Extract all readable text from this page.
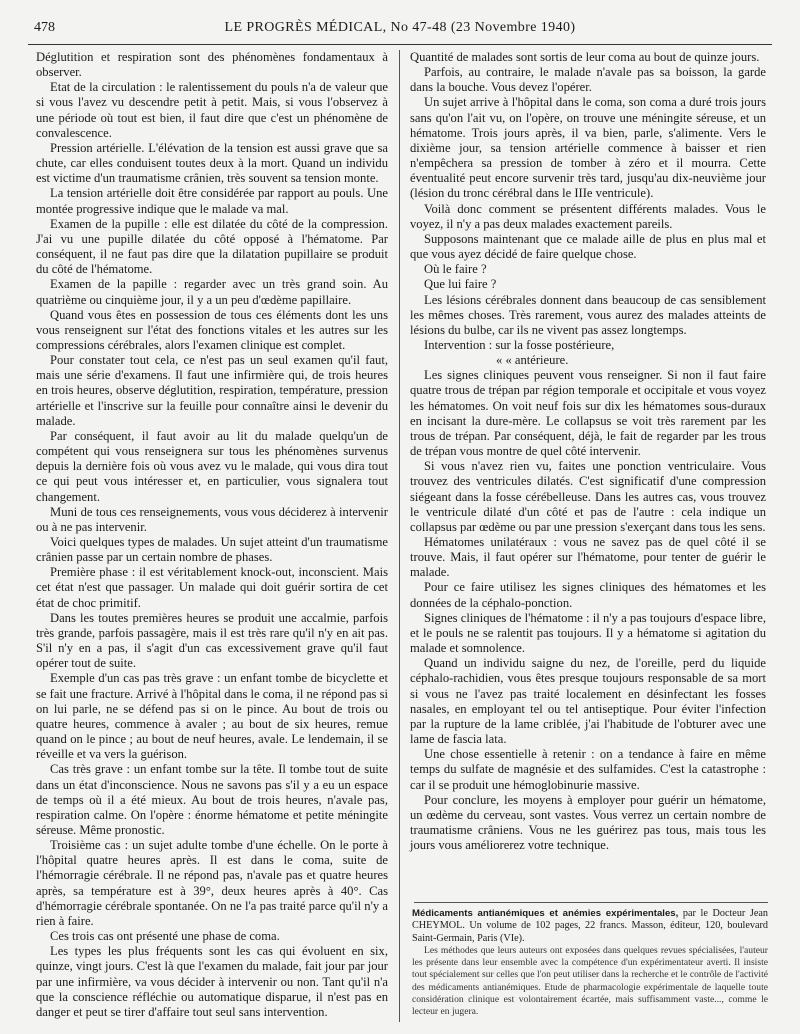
478	LE PROGRÈS MÉDICAL, No 47-48 (23 Novembre 1940)

Déglutition et respiration sont des phénomènes fondamentaux à observer.

Etat de la circulation : le ralentissement du pouls n'a de valeur que si vous l'avez vu descendre petit à petit. Mais, si vous l'observez à une période où tout est bien, il faut dire que c'est un phénomène de convalescence.

Pression artérielle. L'élévation de la tension est aussi grave que sa chute, car elles conduisent toutes deux à la mort. Quand un individu est victime d'un traumatisme crânien, très souvent sa tension monte.

La tension artérielle doit être considérée par rapport au pouls. Une montée progressive indique que le malade va mal.

Examen de la pupille : elle est dilatée du côté de la compression. J'ai vu une pupille dilatée du côté opposé à l'hématome. Par conséquent, il ne faut pas dire que la dilatation pupillaire se produit du côté de l'hématome.

Examen de la papille : regarder avec un très grand soin. Au quatrième ou cinquième jour, il y a un peu d'œdème papillaire.

Quand vous êtes en possession de tous ces éléments dont les uns vous renseignent sur l'état des fonctions vitales et les autres sur les compressions cérébrales, alors l'examen clinique est complet.

Pour constater tout cela, ce n'est pas un seul examen qu'il faut, mais une série d'examens. Il faut une infirmière qui, de trois heures en trois heures, observe déglutition, respiration, température, pression artérielle et l'inscrive sur la feuille pour connaître ainsi le devenir du malade.

Par conséquent, il faut avoir au lit du malade quelqu'un de compétent qui vous renseignera sur tous les phénomènes survenus depuis la dernière fois où vous avez vu le malade, qui vous dira tout ce qui peut vous intéresser et, en particulier, vous signalera tout changement.

Muni de tous ces renseignements, vous vous déciderez à intervenir ou à ne pas intervenir.

Voici quelques types de malades. Un sujet atteint d'un traumatisme crânien passe par un certain nombre de phases.

Première phase : il est véritablement knock-out, inconscient. Mais cet état n'est que passager. Un malade qui doit guérir sortira de cet état de choc primitif.

Dans les toutes premières heures se produit une accalmie, parfois très grande, parfois passagère, mais il est très rare qu'il n'y en ait pas. S'il n'y en a pas, il s'agit d'un cas excessivement grave qu'il faut opérer tout de suite.

Exemple d'un cas pas très grave : un enfant tombe de bicyclette et se fait une fracture. Arrivé à l'hôpital dans le coma, il ne répond pas si on lui parle, ne se défend pas si on le pince. Au bout de trois ou quatre heures, commence à avaler ; au bout de six heures, remue quand on le pince ; au bout de neuf heures, avale. Le lendemain, il se réveille et va vers la guérison.

Cas très grave : un enfant tombe sur la tête. Il tombe tout de suite dans un état d'inconscience. Nous ne savons pas s'il y a eu un espace de temps où il a été mieux. Au bout de trois heures, n'avale pas, respiration calme. On l'opère : énorme hématome et petite méningite séreuse. Même pronostic.

Troisième cas : un sujet adulte tombe d'une échelle. On le porte à l'hôpital quatre heures après. Il est dans le coma, suite de l'hémorragie cérébrale. Il ne répond pas, n'avale pas et quatre heures après, sa température est à 39°, deux heures après à 40°. Cas d'hémorragie cérébrale spontanée. On ne l'a pas traité parce qu'il n'y a rien à faire.

Ces trois cas ont présenté une phase de coma.

Les types les plus fréquents sont les cas qui évoluent en six, quinze, vingt jours. C'est là que l'examen du malade, fait jour par jour par une infirmière, va vous décider à intervenir ou non. Tant qu'il n'a que la conscience réfléchie ou automatique disparue, il n'est pas en danger et peut se tirer d'affaire tout seul sans intervention.

Quantité de malades sont sortis de leur coma au bout de quinze jours.

Parfois, au contraire, le malade n'avale pas sa boisson, la garde dans la bouche. Vous devez l'opérer.

Un sujet arrive à l'hôpital dans le coma, son coma a duré trois jours sans qu'on l'ait vu, on l'opère, on trouve une méningite séreuse, et un hématome. Trois jours après, il va bien, parle, s'alimente. Vers le dixième jour, sa tension artérielle commence à baisser et rien n'empêchera sa pression de tomber à zéro et il mourra. Cette éventualité peut encore survenir très tard, jusqu'au dix-neuvième jour (lésion du tronc cérébral dans le IIIe ventricule).

Voilà donc comment se présentent différents malades. Vous le voyez, il n'y a pas deux malades exactement pareils.

Supposons maintenant que ce malade aille de plus en plus mal et que vous ayez décidé de faire quelque chose.

Où le faire ?

Que lui faire ?

Les lésions cérébrales donnent dans beaucoup de cas sensiblement les mêmes choses. Très rarement, vous aurez des malades atteints de lésions du bulbe, car ils ne vivent pas assez longtemps.

Intervention : sur la fosse postérieure,

« « antérieure.

Les signes cliniques peuvent vous renseigner. Si non il faut faire quatre trous de trépan par région temporale et occipitale et vous voyez les hématomes. On voit neuf fois sur dix les hématomes sous-duraux en incisant la dure-mère. Le collapsus se voit très rarement par les trous de trépan. Par conséquent, déjà, le fait de regarder par les trous de trépan vous montre de quel côté intervenir.

Si vous n'avez rien vu, faites une ponction ventriculaire. Vous trouvez des ventricules dilatés. C'est significatif d'une compression siégeant dans la fosse cérébelleuse. Dans les autres cas, vous trouvez le ventricule dilaté d'un côté et pas de l'autre : cela indique un collapsus par œdème ou par une pression s'exerçant dans tous les sens.

Hématomes unilatéraux : vous ne savez pas de quel côté il se trouve. Mais, il faut opérer sur l'hématome, pour tenter de guérir le malade.

Pour ce faire utilisez les signes cliniques des hématomes et les données de la céphalo-ponction.

Signes cliniques de l'hématome : il n'y a pas toujours d'espace libre, et le pouls ne se ralentit pas toujours. Il y a hématome si agitation du malade et somnolence.

Quand un individu saigne du nez, de l'oreille, perd du liquide céphalo-rachidien, vous êtes presque toujours responsable de sa mort si vous ne l'avez pas traité localement en désinfectant les fosses nasales, en employant tel ou tel antiseptique. Pour éviter l'infection par la rupture de la lame criblée, j'ai l'habitude de l'obturer avec une lame de fascia lata.

Une chose essentielle à retenir : on a tendance à faire en même temps du sulfate de magnésie et des sulfamides. C'est la catastrophe : car il se produit une hémoglobinurie massive.

Pour conclure, les moyens à employer pour guérir un hématome, un œdème du cerveau, sont vastes. Vous verrez un certain nombre de traumatisme crâniens. Vous ne les guérirez pas tous, mais tous les jours vous améliorerez votre technique.

Médicaments antianémiques et anémies expérimentales, par le Docteur Jean CHEYMOL. Un volume de 102 pages, 22 francs. Masson, éditeur, 120, boulevard Saint-Germain, Paris (VIe).

Les méthodes que leurs auteurs ont exposées dans quelques revues spécialisées, l'auteur les présente dans leur ensemble avec la compétence d'un expérimentateur averti. Il insiste tout spécialement sur celles que l'on peut utiliser dans la recherche et le contrôle de l'activité des médicaments antianémiques. Etude de pharmacologie expérimentale de laquelle toute considération clinique est volontairement écartée, mais suffisamment vaste..., comme le lecteur en jugera.
